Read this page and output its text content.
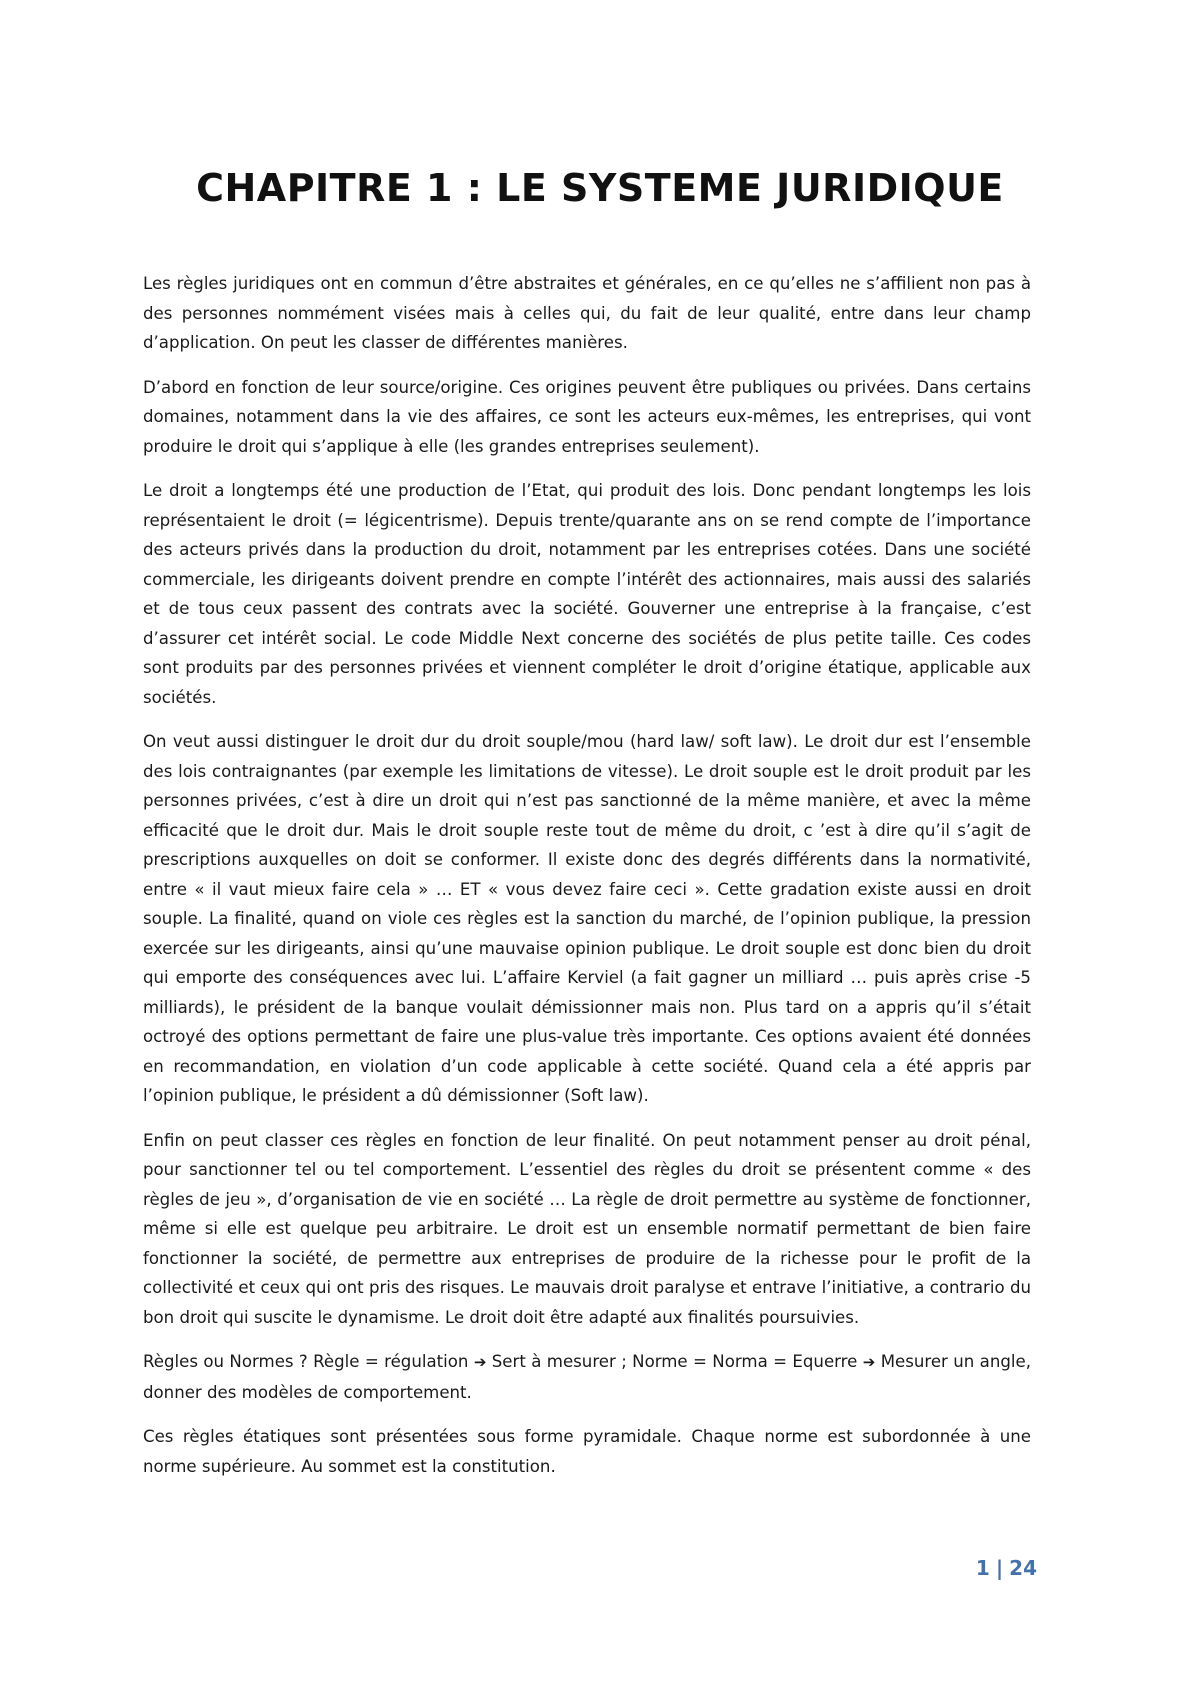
CHAPITRE 1 : LE SYSTEME JURIDIQUE

Les règles juridiques ont en commun d’être abstraites et générales, en ce qu’elles ne s’affilient non pas à des personnes nommément visées mais à celles qui, du fait de leur qualité, entre dans leur champ d’application. On peut les classer de différentes manières.

D’abord en fonction de leur source/origine. Ces origines peuvent être publiques ou privées. Dans certains domaines, notamment dans la vie des affaires, ce sont les acteurs eux-mêmes, les entreprises, qui vont produire le droit qui s’applique à elle (les grandes entreprises seulement).

Le droit a longtemps été une production de l’Etat, qui produit des lois. Donc pendant longtemps les lois représentaient le droit (= légicentrisme). Depuis trente/quarante ans on se rend compte de l’importance des acteurs privés dans la production du droit, notamment par les entreprises cotées. Dans une société commerciale, les dirigeants doivent prendre en compte l’intérêt des actionnaires, mais aussi des salariés et de tous ceux passent des contrats avec la société. Gouverner une entreprise à la française, c’est d’assurer cet intérêt social. Le code Middle Next concerne des sociétés de plus petite taille. Ces codes sont produits par des personnes privées et viennent compléter le droit d’origine étatique, applicable aux sociétés.

On veut aussi distinguer le droit dur du droit souple/mou (hard law/ soft law). Le droit dur est l’ensemble des lois contraignantes (par exemple les limitations de vitesse). Le droit souple est le droit produit par les personnes privées, c’est à dire un droit qui n’est pas sanctionné de la même manière, et avec la même efficacité que le droit dur. Mais le droit souple reste tout de même du droit, c ’est à dire qu’il s’agit de prescriptions auxquelles on doit se conformer. Il existe donc des degrés différents dans la normativité, entre « il vaut mieux faire cela » … ET « vous devez faire ceci ». Cette gradation existe aussi en droit souple. La finalité, quand on viole ces règles est la sanction du marché, de l’opinion publique, la pression exercée sur les dirigeants, ainsi qu’une mauvaise opinion publique. Le droit souple est donc bien du droit qui emporte des conséquences avec lui. L’affaire Kerviel (a fait gagner un milliard … puis après crise -5 milliards), le président de la banque voulait démissionner mais non. Plus tard on a appris qu’il s’était octroyé des options permettant de faire une plus-value très importante. Ces options avaient été données en recommandation, en violation d’un code applicable à cette société. Quand cela a été appris par l’opinion publique, le président a dû démissionner (Soft law).

Enfin on peut classer ces règles en fonction de leur finalité. On peut notamment penser au droit pénal, pour sanctionner tel ou tel comportement. L’essentiel des règles du droit se présentent comme « des règles de jeu », d’organisation de vie en société … La règle de droit permettre au système de fonctionner, même si elle est quelque peu arbitraire. Le droit est un ensemble normatif permettant de bien faire fonctionner la société, de permettre aux entreprises de produire de la richesse pour le profit de la collectivité et ceux qui ont pris des risques. Le mauvais droit paralyse et entrave l’initiative, a contrario du bon droit qui suscite le dynamisme. Le droit doit être adapté aux finalités poursuivies.

Règles ou Normes ? Règle = régulation ➔ Sert à mesurer ; Norme = Norma = Equerre ➔ Mesurer un angle, donner des modèles de comportement.

Ces règles étatiques sont présentées sous forme pyramidale. Chaque norme est subordonnée à une norme supérieure. Au sommet est la constitution.

1 | 24
